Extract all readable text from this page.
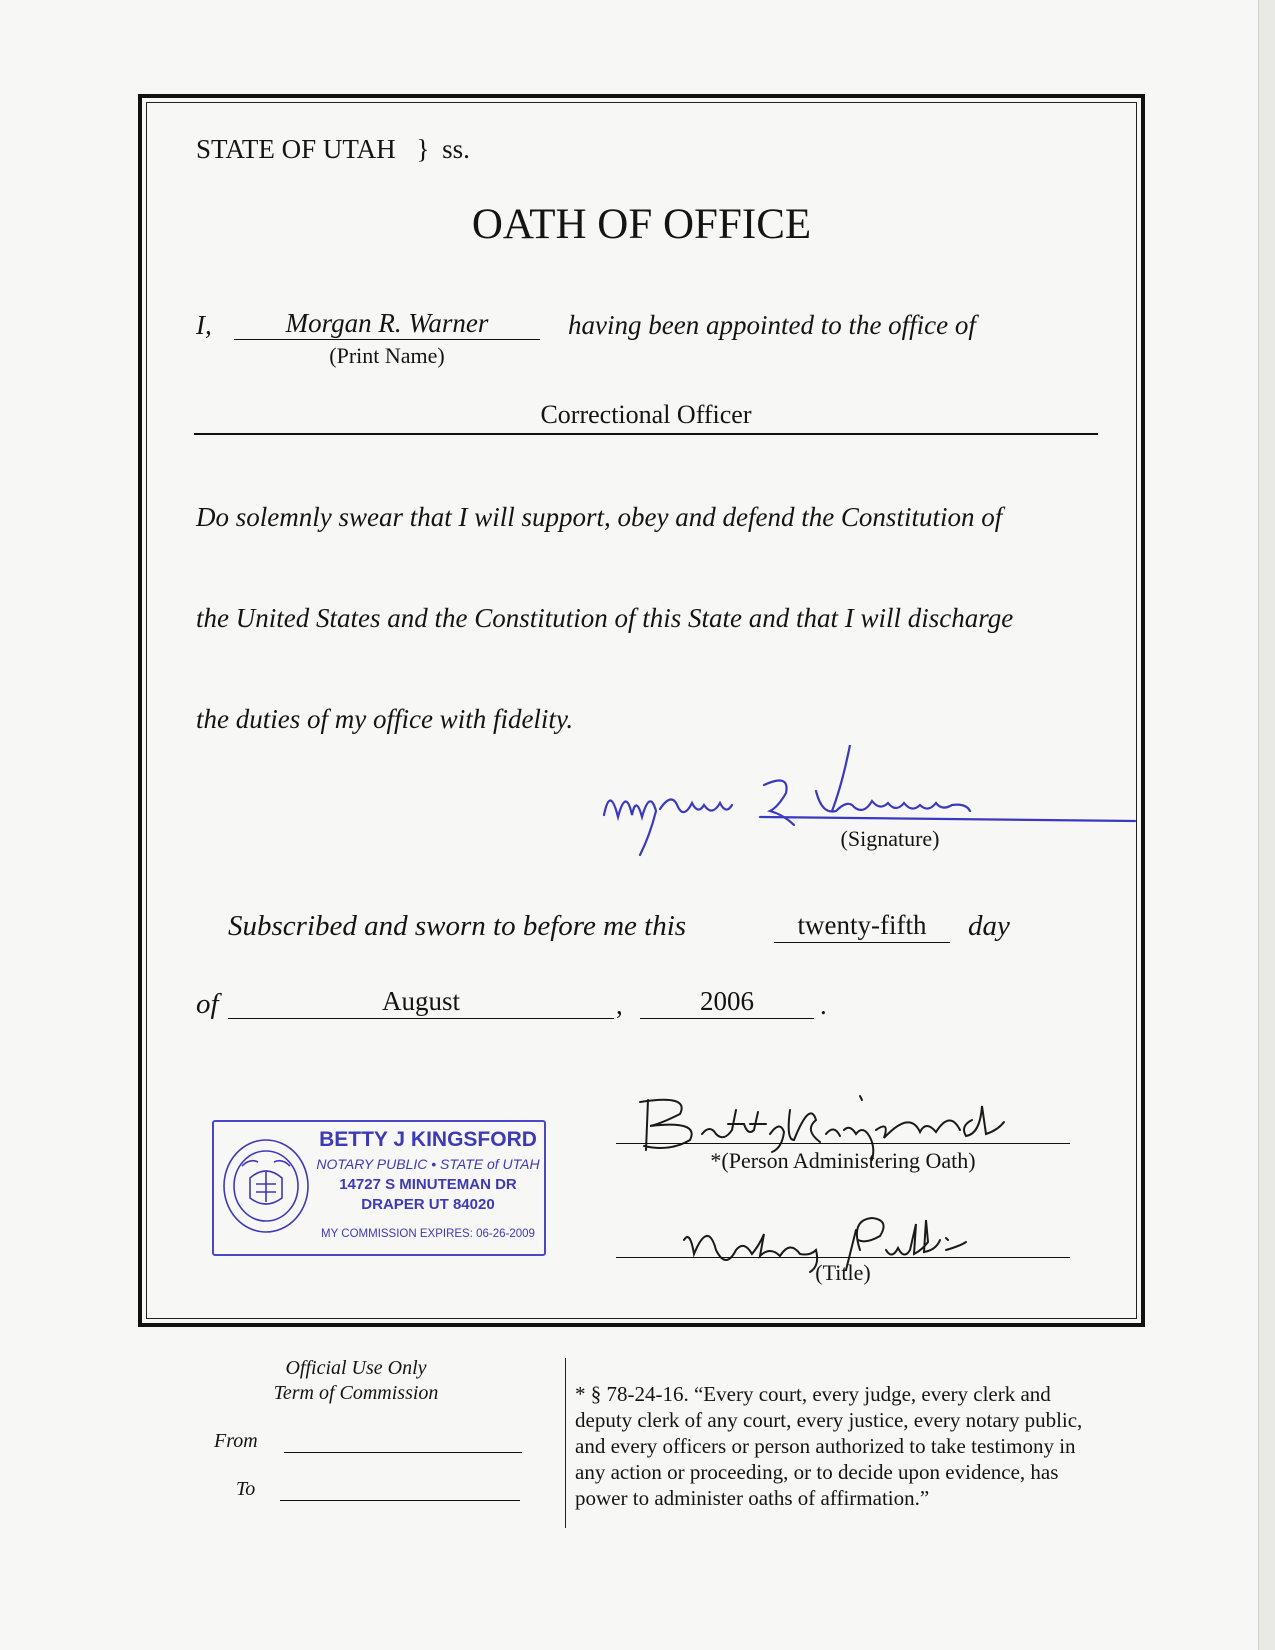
STATE OF UTAH } ss.
OATH OF OFFICE
I,	Morgan R. Warner
(Print Name)
having been appointed to the office of
Correctional Officer
Do solemnly swear that I will support, obey and defend the Constitution of
the United States and the Constitution of this State and that I will discharge
the duties of my office with fidelity.
(Signature)
Subscribed and sworn to before me this	twenty-fifth	day
of	August	,	2006	.
BETTY J KINGSFORD
NOTARY PUBLIC • STATE of UTAH
14727 S MINUTEMAN DR
DRAPER UT 84020
MY COMMISSION EXPIRES: 06-26-2009
*(Person Administering Oath)
(Title)
Official Use Only
Term of Commission
From
To
* § 78-24-16. “Every court, every judge, every clerk and
deputy clerk of any court, every justice, every notary public,
and every officers or person authorized to take testimony in
any action or proceeding, or to decide upon evidence, has
power to administer oaths of affirmation.”
